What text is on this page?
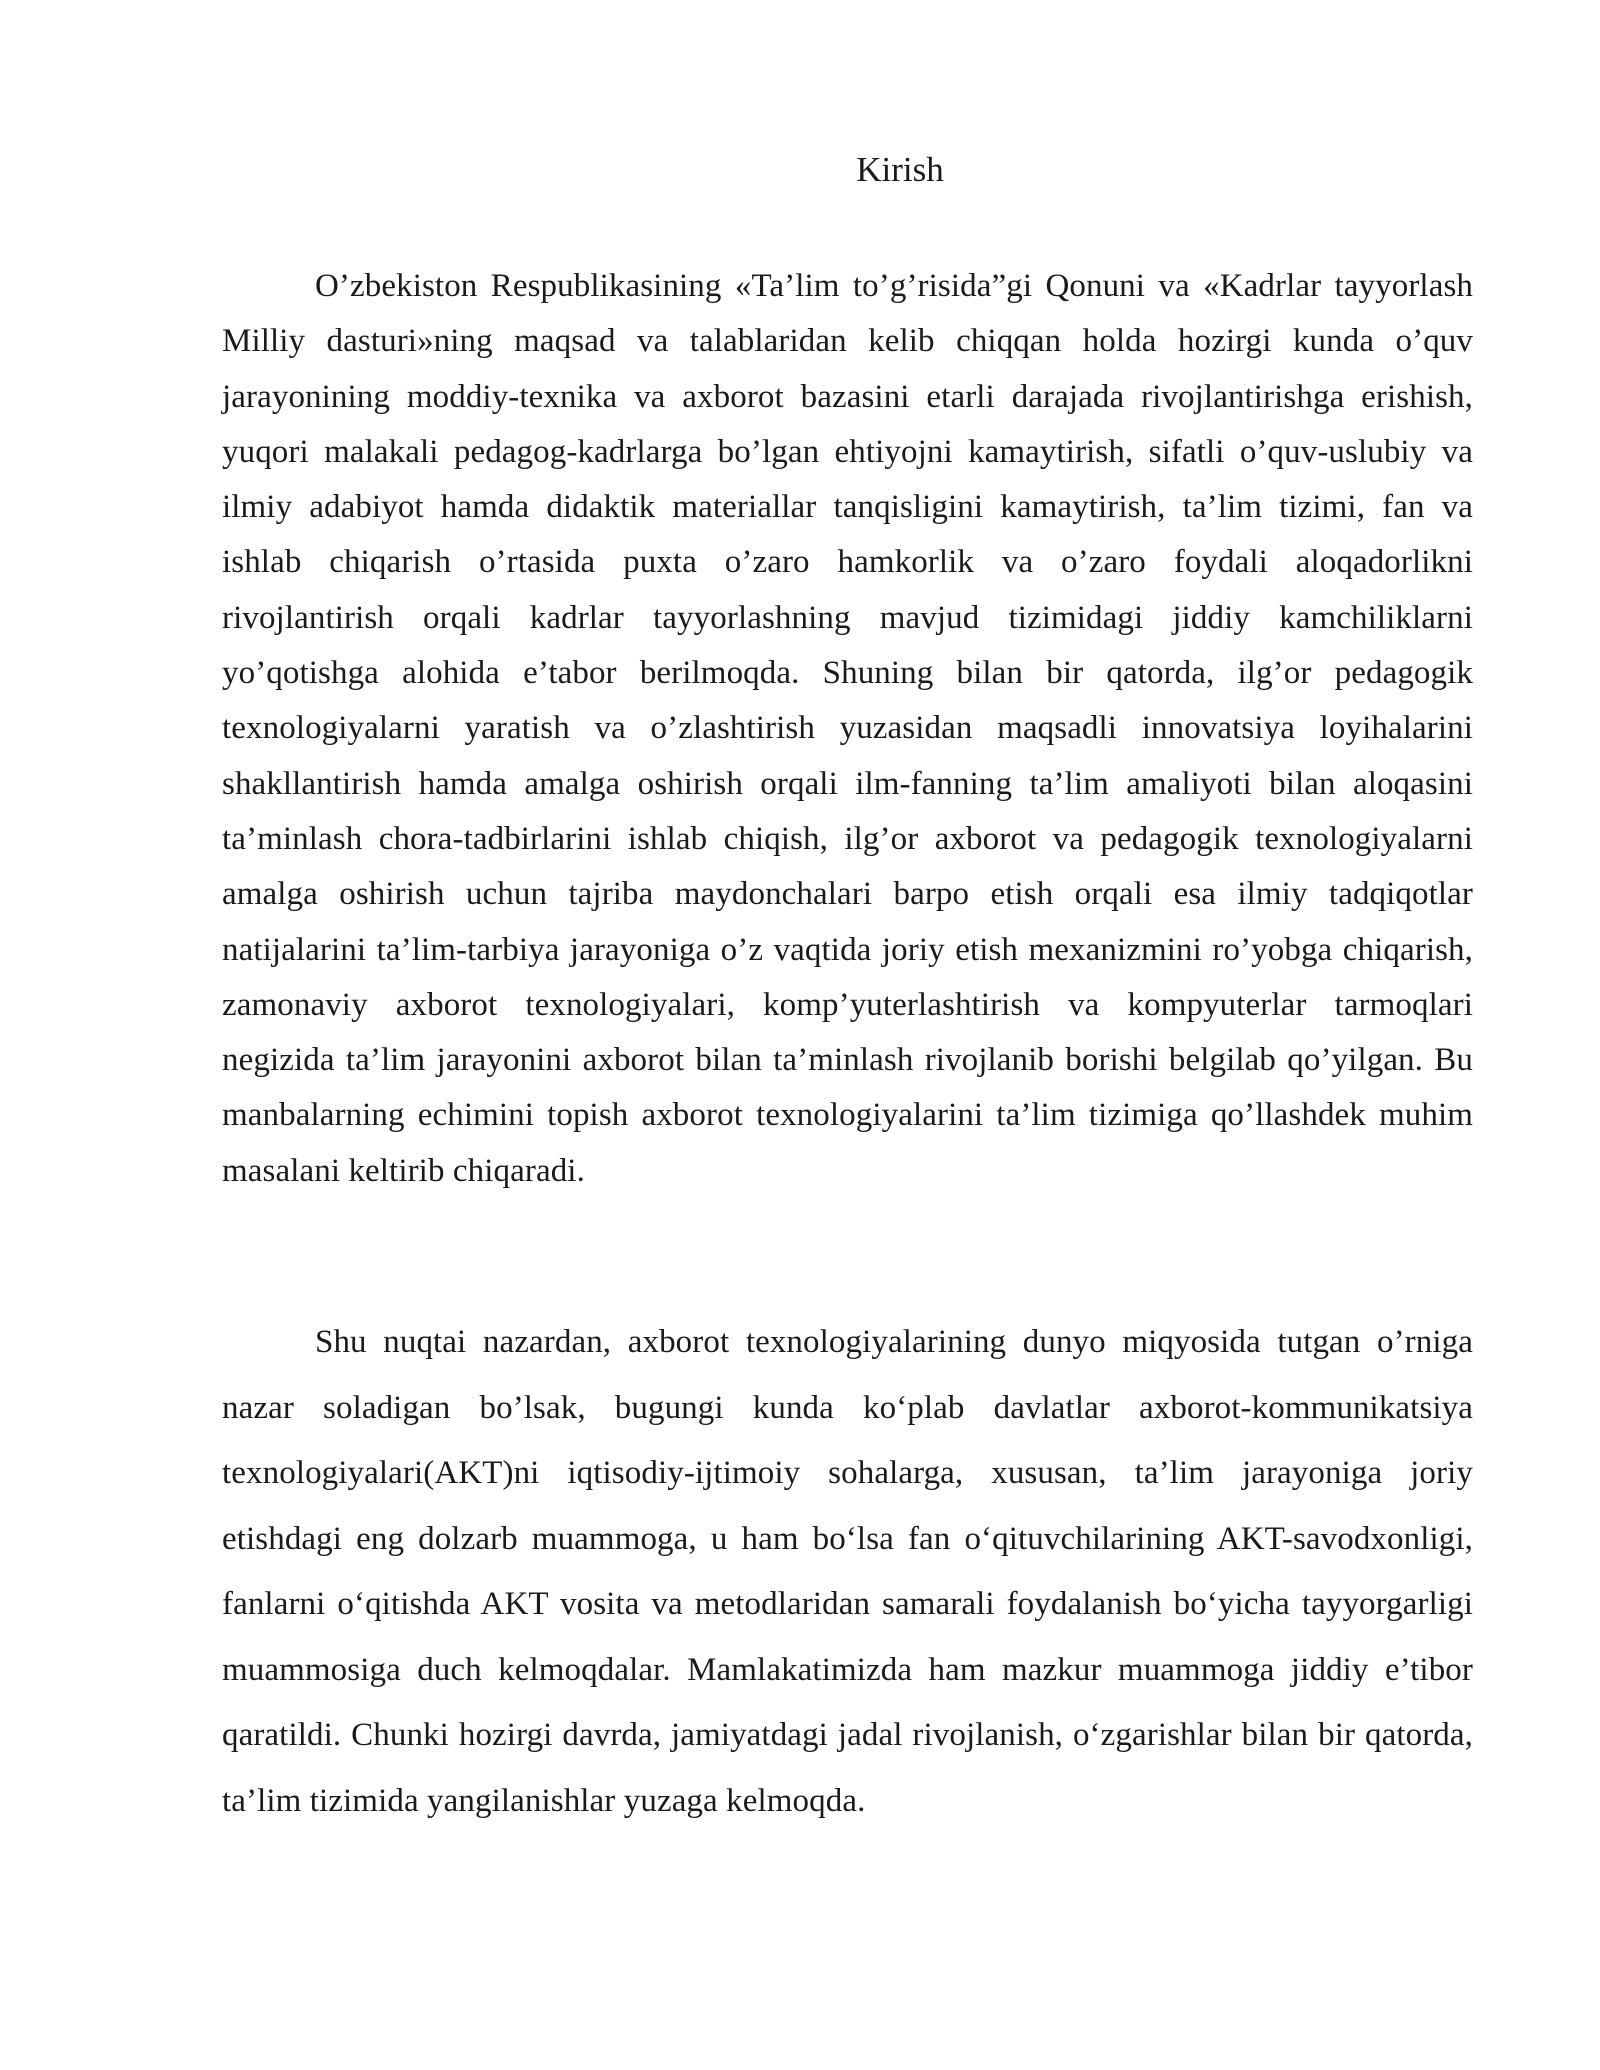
Kirish

O’zbekiston Respublikasining «Ta’lim to’g’risida”gi Qonuni va «Kadrlar tayyorlash Milliy dasturi»ning maqsad va talablaridan kelib chiqqan holda hozirgi kunda o’quv jarayonining moddiy-texnika va axborot bazasini etarli darajada rivojlantirishga erishish, yuqori malakali pedagog-kadrlarga bo’lgan ehtiyojni kamaytirish, sifatli o’quv-uslubiy va ilmiy adabiyot hamda didaktik materiallar tanqisligini kamaytirish, ta’lim tizimi, fan va ishlab chiqarish o’rtasida puxta o’zaro hamkorlik va o’zaro foydali aloqadorlikni rivojlantirish orqali kadrlar tayyorlashning mavjud tizimidagi jiddiy kamchiliklarni yo’qotishga alohida e’tabor berilmoqda. Shuning bilan bir qatorda, ilg’or pedagogik texnologiyalarni yaratish va o’zlashtirish yuzasidan maqsadli innovatsiya loyihalarini shakllantirish hamda amalga oshirish orqali ilm-fanning ta’lim amaliyoti bilan aloqasini ta’minlash chora-tadbirlarini ishlab chiqish, ilg’or axborot va pedagogik texnologiyalarni amalga oshirish uchun tajriba maydonchalari barpo etish orqali esa ilmiy tadqiqotlar natijalarini ta’lim-tarbiya jarayoniga o’z vaqtida joriy etish mexanizmini ro’yobga chiqarish, zamonaviy axborot texnologiyalari, komp’yuterlashtirish va kompyuterlar tarmoqlari negizida ta’lim jarayonini axborot bilan ta’minlash rivojlanib borishi belgilab qo’yilgan. Bu manbalarning echimini topish axborot texnologiyalarini ta’lim tizimiga qo’llashdek muhim masalani keltirib chiqaradi.

Shu nuqtai nazardan, axborot texnologiyalarining dunyo miqyosida tutgan o’rniga nazar soladigan bo’lsak, bugungi kunda ko‘plab davlatlar axborot-kommunikatsiya texnologiyalari(AKT)ni iqtisodiy-ijtimoiy sohalarga, xususan, ta’lim jarayoniga joriy etishdagi eng dolzarb muammoga, u ham bo‘lsa fan o‘qituvchilarining AKT-savodxonligi, fanlarni o‘qitishda AKT vosita va metodlaridan samarali foydalanish bo‘yicha tayyorgarligi muammosiga duch kelmoqdalar. Mamlakatimizda ham mazkur muammoga jiddiy e’tibor qaratildi. Chunki hozirgi davrda, jamiyatdagi jadal rivojlanish, o‘zgarishlar bilan bir qatorda, ta’lim tizimida yangilanishlar yuzaga kelmoqda.
